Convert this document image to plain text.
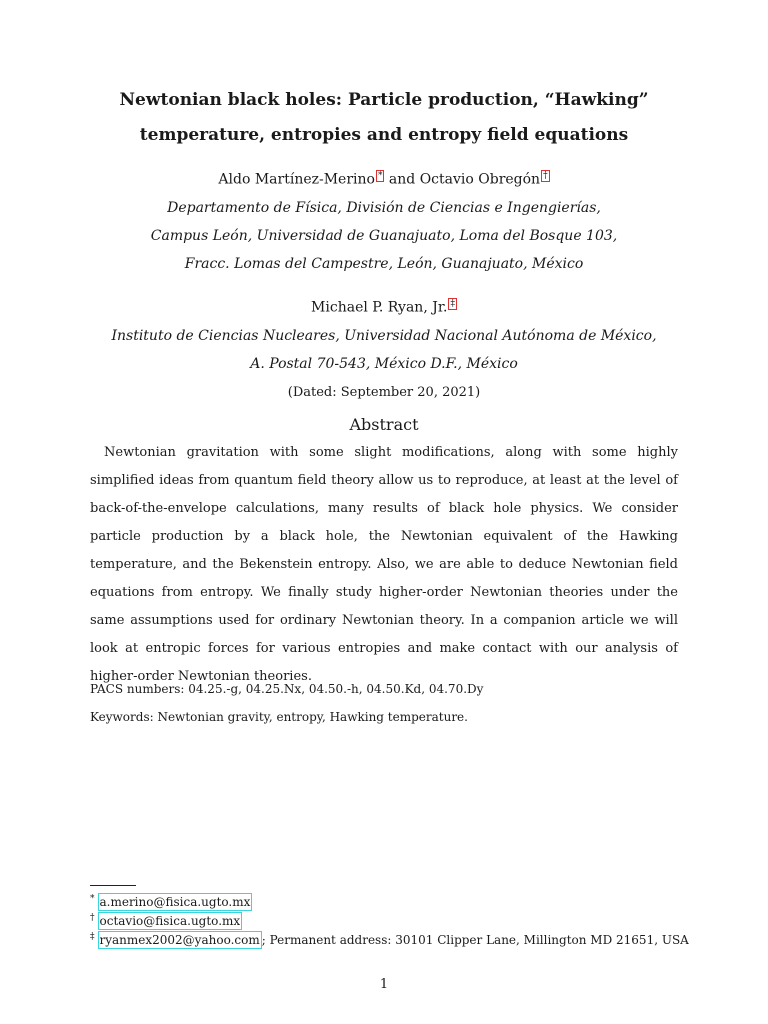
Newtonian black holes: Particle production, “Hawking”
temperature, entropies and entropy field equations
Aldo Martínez-Merino * and Octavio Obregón †
Departamento de Física, División de Ciencias e Ingengierías,
Campus León, Universidad de Guanajuato, Loma del Bosque 103,
Fracc. Lomas del Campestre, León, Guanajuato, México
Michael P. Ryan, Jr. ‡
Instituto de Ciencias Nucleares, Universidad Nacional Autónoma de México,
A. Postal 70-543, México D.F., México
(Dated: September 20, 2021)
Abstract

Newtonian gravitation with some slight modifications, along with some highly simplified ideas from quantum field theory allow us to reproduce, at least at the level of back-of-the-envelope calculations, many results of black hole physics. We consider particle production by a black hole, the Newtonian equivalent of the Hawking temperature, and the Bekenstein entropy. Also, we are able to deduce Newtonian field equations from entropy. We finally study higher-order Newtonian theories under the same assumptions used for ordinary Newtonian theory. In a companion article we will look at entropic forces for various entropies and make contact with our analysis of higher-order Newtonian theories.

PACS numbers: 04.25.-g, 04.25.Nx, 04.50.-h, 04.50.Kd, 04.70.Dy
Keywords: Newtonian gravity, entropy, Hawking temperature.
* a.merino@fisica.ugto.mx
† octavio@fisica.ugto.mx
‡ ryanmex2002@yahoo.com ; Permanent address: 30101 Clipper Lane, Millington MD 21651, USA
1
